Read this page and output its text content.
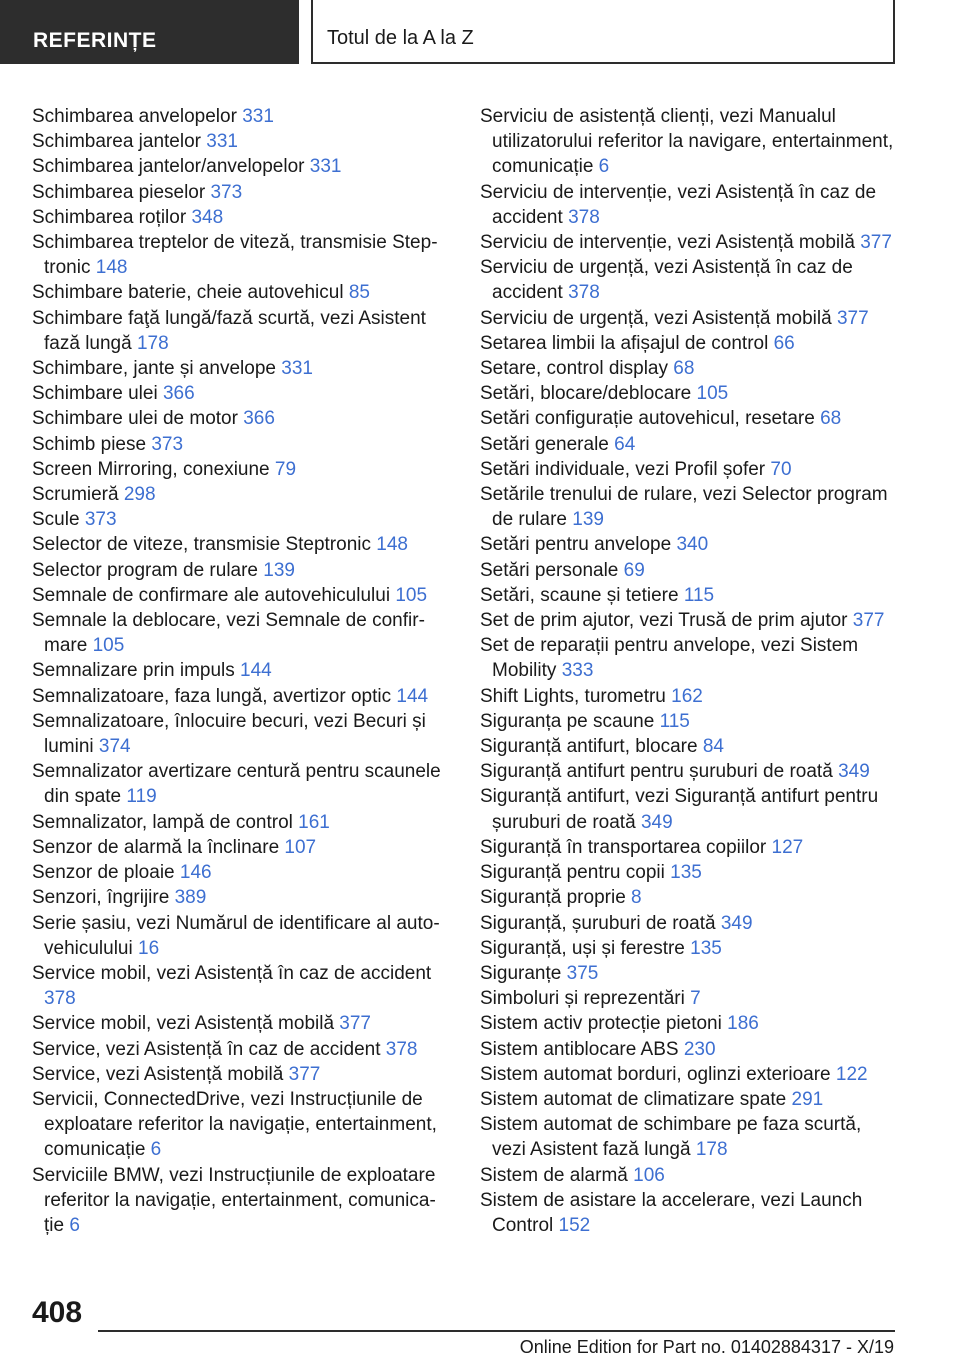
REFERINȚE	Totul de la A la Z
Schimbarea anvelopelor 331
Schimbarea jantelor 331
Schimbarea jantelor/anvelopelor 331
Schimbarea pieselor 373
Schimbarea roților 348
Schimbarea treptelor de viteză, transmisie Steptronic 148
Schimbare baterie, cheie autovehicul 85
Schimbare faţă lungă/fază scurtă, vezi Asistent fază lungă 178
Schimbare, jante și anvelope 331
Schimbare ulei 366
Schimbare ulei de motor 366
Schimb piese 373
Screen Mirroring, conexiune 79
Scrumieră 298
Scule 373
Selector de viteze, transmisie Steptronic 148
Selector program de rulare 139
Semnale de confirmare ale autovehiculului 105
Semnale la deblocare, vezi Semnale de confirmare 105
Semnalizare prin impuls 144
Semnalizatoare, faza lungă, avertizor optic 144
Semnalizatoare, înlocuire becuri, vezi Becuri și lumini 374
Semnalizator avertizare centură pentru scaunele din spate 119
Semnalizator, lampă de control 161
Senzor de alarmă la înclinare 107
Senzor de ploaie 146
Senzori, îngrijire 389
Serie șasiu, vezi Numărul de identificare al autovehiculului 16
Service mobil, vezi Asistență în caz de accident 378
Service mobil, vezi Asistență mobilă 377
Service, vezi Asistență în caz de accident 378
Service, vezi Asistență mobilă 377
Servicii, ConnectedDrive, vezi Instrucțiunile de exploatare referitor la navigație, entertainment, comunicație 6
Serviciile BMW, vezi Instrucțiunile de exploatare referitor la navigație, entertainment, comunicație 6
Serviciu de asistență clienți, vezi Manualul utilizatorului referitor la navigare, entertainment, comunicație 6
Serviciu de intervenție, vezi Asistență în caz de accident 378
Serviciu de intervenție, vezi Asistență mobilă 377
Serviciu de urgență, vezi Asistență în caz de accident 378
Serviciu de urgență, vezi Asistență mobilă 377
Setarea limbii la afișajul de control 66
Setare, control display 68
Setări, blocare/deblocare 105
Setări configurație autovehicul, resetare 68
Setări generale 64
Setări individuale, vezi Profil șofer 70
Setările trenului de rulare, vezi Selector program de rulare 139
Setări pentru anvelope 340
Setări personale 69
Setări, scaune și tetiere 115
Set de prim ajutor, vezi Trusă de prim ajutor 377
Set de reparații pentru anvelope, vezi Sistem Mobility 333
Shift Lights, turometru 162
Siguranța pe scaune 115
Siguranță antifurt, blocare 84
Siguranță antifurt pentru șuruburi de roată 349
Siguranță antifurt, vezi Siguranță antifurt pentru șuruburi de roată 349
Siguranță în transportarea copiilor 127
Siguranță pentru copii 135
Siguranță proprie 8
Siguranță, șuruburi de roată 349
Siguranță, uși și ferestre 135
Siguranțe 375
Simboluri și reprezentări 7
Sistem activ protecție pietoni 186
Sistem antiblocare ABS 230
Sistem automat borduri, oglinzi exterioare 122
Sistem automat de climatizare spate 291
Sistem automat de schimbare pe faza scurtă, vezi Asistent fază lungă 178
Sistem de alarmă 106
Sistem de asistare la accelerare, vezi Launch Control 152
408
Online Edition for Part no. 01402884317 - X/19
